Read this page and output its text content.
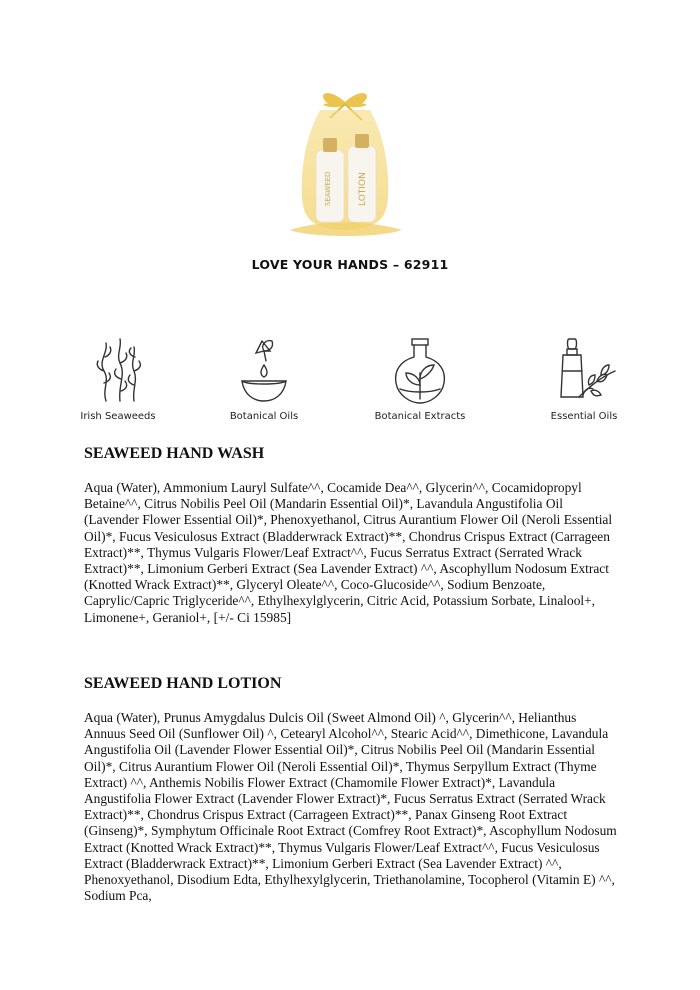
SEAWEED	LOTION
LOVE YOUR HANDS – 62911
Irish Seaweeds	Botanical Oils	Botanical Extracts	Essential Oils
SEAWEED HAND WASH

Aqua (Water), Ammonium Lauryl Sulfate^^, Cocamide Dea^^, Glycerin^^, Cocamidopropyl Betaine^^, Citrus Nobilis Peel Oil (Mandarin Essential Oil)*, Lavandula Angustifolia Oil (Lavender Flower Essential Oil)*, Phenoxyethanol, Citrus Aurantium Flower Oil (Neroli Essential Oil)*, Fucus Vesiculosus Extract (Bladderwrack Extract)**, Chondrus Crispus Extract (Carrageen Extract)**, Thymus Vulgaris Flower/Leaf Extract^^, Fucus Serratus Extract (Serrated Wrack Extract)**, Limonium Gerberi Extract (Sea Lavender Extract) ^^, Ascophyllum Nodosum Extract (Knotted Wrack Extract)**, Glyceryl Oleate^^, Coco-Glucoside^^, Sodium Benzoate, Caprylic/Capric Triglyceride^^, Ethylhexylglycerin, Citric Acid, Potassium Sorbate, Linalool+, Limonene+, Geraniol+, [+/- Ci 15985]

SEAWEED HAND LOTION

Aqua (Water), Prunus Amygdalus Dulcis Oil (Sweet Almond Oil) ^, Glycerin^^, Helianthus Annuus Seed Oil (Sunflower Oil) ^, Cetearyl Alcohol^^, Stearic Acid^^, Dimethicone, Lavandula Angustifolia Oil (Lavender Flower Essential Oil)*, Citrus Nobilis Peel Oil (Mandarin Essential Oil)*, Citrus Aurantium Flower Oil (Neroli Essential Oil)*, Thymus Serpyllum Extract (Thyme Extract) ^^, Anthemis Nobilis Flower Extract (Chamomile Flower Extract)*, Lavandula Angustifolia Flower Extract (Lavender Flower Extract)*, Fucus Serratus Extract (Serrated Wrack Extract)**, Chondrus Crispus Extract (Carrageen Extract)**, Panax Ginseng Root Extract (Ginseng)*, Symphytum Officinale Root Extract (Comfrey Root Extract)*, Ascophyllum Nodosum Extract (Knotted Wrack Extract)**, Thymus Vulgaris Flower/Leaf Extract^^, Fucus Vesiculosus Extract (Bladderwrack Extract)**, Limonium Gerberi Extract (Sea Lavender Extract) ^^, Phenoxyethanol, Disodium Edta, Ethylhexylglycerin, Triethanolamine, Tocopherol (Vitamin E) ^^, Sodium Pca,
